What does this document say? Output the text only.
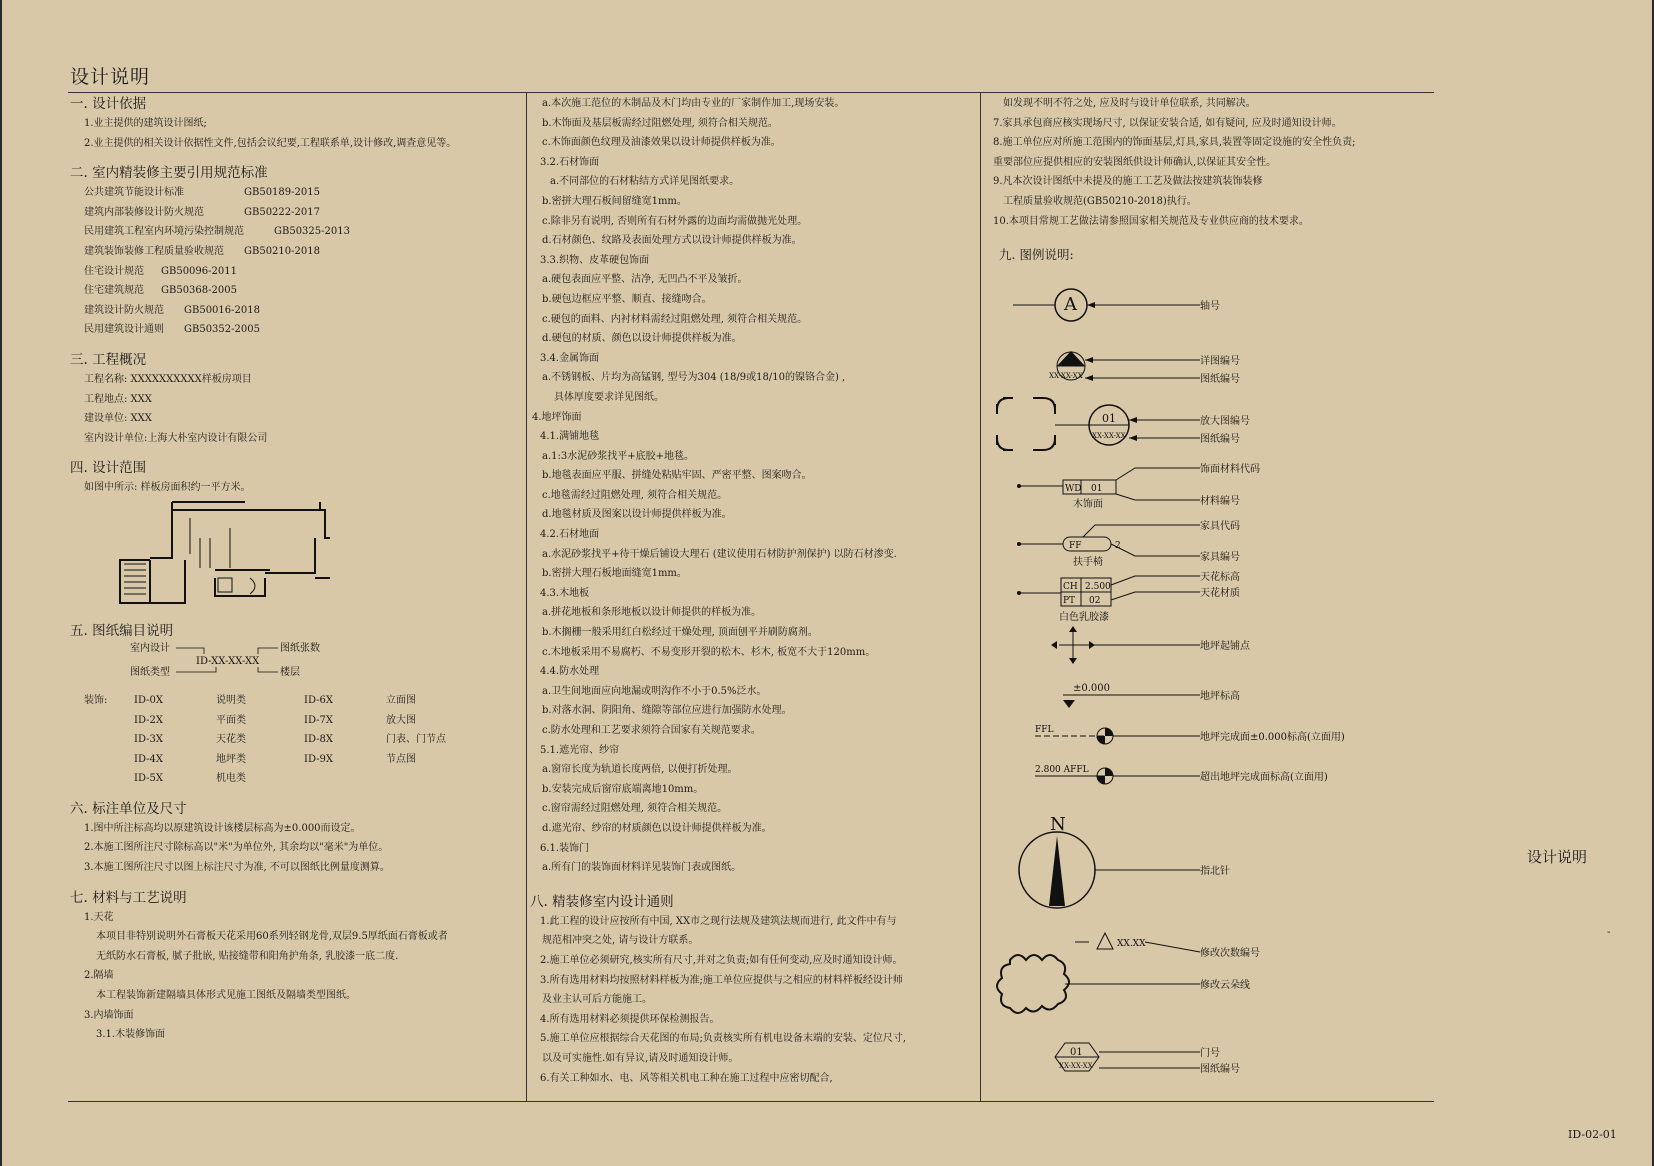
设计说明
一. 设计依据
1.业主提供的建筑设计图纸;
2.业主提供的相关设计依据性文件,包括会议纪要,工程联系单,设计修改,调查意见等。
二. 室内精装修主要引用规范标准
公共建筑节能设计标准	GB50189-2015
建筑内部装修设计防火规范	GB50222-2017
民用建筑工程室内环境污染控制规范	GB50325-2013
建筑装饰装修工程质量验收规范	GB50210-2018
住宅设计规范	GB50096-2011
住宅建筑规范	GB50368-2005
建筑设计防火规范	GB50016-2018
民用建筑设计通则	GB50352-2005
三. 工程概况
工程名称: XXXXXXXXXX样板房项目
工程地点: XXX
建设单位: XXX
室内设计单位:上海大朴室内设计有限公司
四. 设计范围
如图中所示: 样板房面积约一平方米。
五. 图纸编目说明
室内设计
图纸类型
ID-XX-XX-XX
图纸张数
楼层
装饰:	ID-0X	说明类	ID-6X	立面图
ID-2X	平面类	ID-7X	放大图
ID-3X	天花类	ID-8X	门表、门节点
ID-4X	地坪类	ID-9X	节点图
ID-5X	机电类
六. 标注单位及尺寸
1.图中所注标高均以原建筑设计该楼层标高为±0.000而设定。
2.本施工图所注尺寸除标高以"米"为单位外, 其余均以"毫米"为单位。
3.本施工图所注尺寸以图上标注尺寸为准, 不可以图纸比例量度测算。
七. 材料与工艺说明
1.天花
本项目非特别说明外石膏板天花采用60系列轻钢龙骨,双层9.5厚纸面石膏板或者
无纸防水石膏板, 腻子批嵌, 贴接缝带和阳角护角条, 乳胶漆一底二度.
2.隔墙
本工程装饰新建隔墙具体形式见施工图纸及隔墙类型图纸。
3.内墙饰面
3.1.木装修饰面
a.本次施工范位的木制品及木门均由专业的厂家制作加工,现场安装。
b.木饰面及基层板需经过阻燃处理, 须符合相关规范。
c.木饰面颜色纹理及油漆效果以设计师提供样板为准。
3.2.石材饰面
a.不同部位的石材粘结方式详见图纸要求。
b.密拼大理石板间留缝宽1mm。
c.除非另有说明, 否则所有石材外露的边面均需做抛光处理。
d.石材颜色、纹路及表面处理方式以设计师提供样板为准。
3.3.织物、皮革硬包饰面
a.硬包表面应平整、洁净, 无凹凸不平及皱折。
b.硬包边框应平整、顺直、接缝吻合。
c.硬包的面料、内衬材料需经过阻燃处理, 须符合相关规范。
d.硬包的材质、颜色以设计师提供样板为准。
3.4.金属饰面
a.不锈钢板、片均为高锰钢, 型号为304 (18/9或18/10的镍铬合金) ,
具体厚度要求详见图纸。
4.地坪饰面
4.1.满铺地毯
a.1:3水泥砂浆找平+底胶+地毯。
b.地毯表面应平服、拼缝处粘贴牢固、严密平整、图案吻合。
c.地毯需经过阻燃处理, 须符合相关规范。
d.地毯材质及图案以设计师提供样板为准。
4.2.石材地面
a.水泥砂浆找平+待干燥后铺设大理石 (建议使用石材防护剂保护) 以防石材渗变.
b.密拼大理石板地面缝宽1mm。
4.3.木地板
a.拼花地板和条形地板以设计师提供的样板为准。
b.木搁栅一般采用红白松经过干燥处理, 顶面刨平并刷防腐剂。
c.木地板采用不易腐朽、不易变形开裂的松木、杉木, 板宽不大于120mm。
4.4.防水处理
a.卫生间地面应向地漏或明沟作不小于0.5%泛水。
b.对落水洞、阴阳角、缝隙等部位应进行加强防水处理。
c.防水处理和工艺要求须符合国家有关规范要求。
5.1.遮光帘、纱帘
a.窗帘长度为轨道长度两倍, 以便打折处理。
b.安装完成后窗帘底端离地10mm。
c.窗帘需经过阻燃处理, 须符合相关规范。
d.遮光帘、纱帘的材质颜色以设计师提供样板为准。
6.1.装饰门
a.所有门的装饰面材料详见装饰门表或图纸。
八. 精装修室内设计通则
1.此工程的设计应按所有中国, XX市之现行法规及建筑法规而进行, 此文件中有与
规范相冲突之处, 请与设计方联系。
2.施工单位必须研究,核实所有尺寸,并对之负责;如有任何变动,应及时通知设计师。
3.所有选用材料均按照材料样板为准;施工单位应提供与之相应的材料样板经设计师
及业主认可后方能施工。
4.所有选用材料必须提供环保检测报告。
5.施工单位应根据综合天花图的布局;负责核实所有机电设备末端的安装、定位尺寸,
以及可实施性.如有异议,请及时通知设计师。
6.有关工种如水、电、风等相关机电工种在施工过程中应密切配合,
如发现不明不符之处, 应及时与设计单位联系, 共同解决。
7.家具承包商应核实现场尺寸, 以保证安装合适, 如有疑问, 应及时通知设计师。
8.施工单位应对所施工范围内的饰面基层,灯具,家具,装置等固定设施的安全性负责;
重要部位应提供相应的安装图纸供设计师确认,以保证其安全性。
9.凡本次设计图纸中未提及的施工工艺及做法按建筑装饰装修
工程质量验收规范(GB50210-2018)执行。
10.本项目常规工艺做法请参照国家相关规范及专业供应商的技术要求。
九. 图例说明:
A	轴号
01
XX-XX-XX
详图编号
图纸编号
01
XX-XX-XX
放大图编号
图纸编号
饰面材料代码
WD 01
木饰面	材料编号
家具代码
FF	2
扶手椅	家具编号
CH 2.500
PT 02
白色乳胶漆
天花标高
天花材质
地坪起铺点
±0.000
地坪标高
FFL
地坪完成面±0.000标高(立面用)
2.800 AFFL
超出地坪完成面标高(立面用)
N
指北针
XX.XX
修改次数编号
修改云朵线
01
XX-XX-XX
门号
图纸编号
设计说明
-
ID-02-01
